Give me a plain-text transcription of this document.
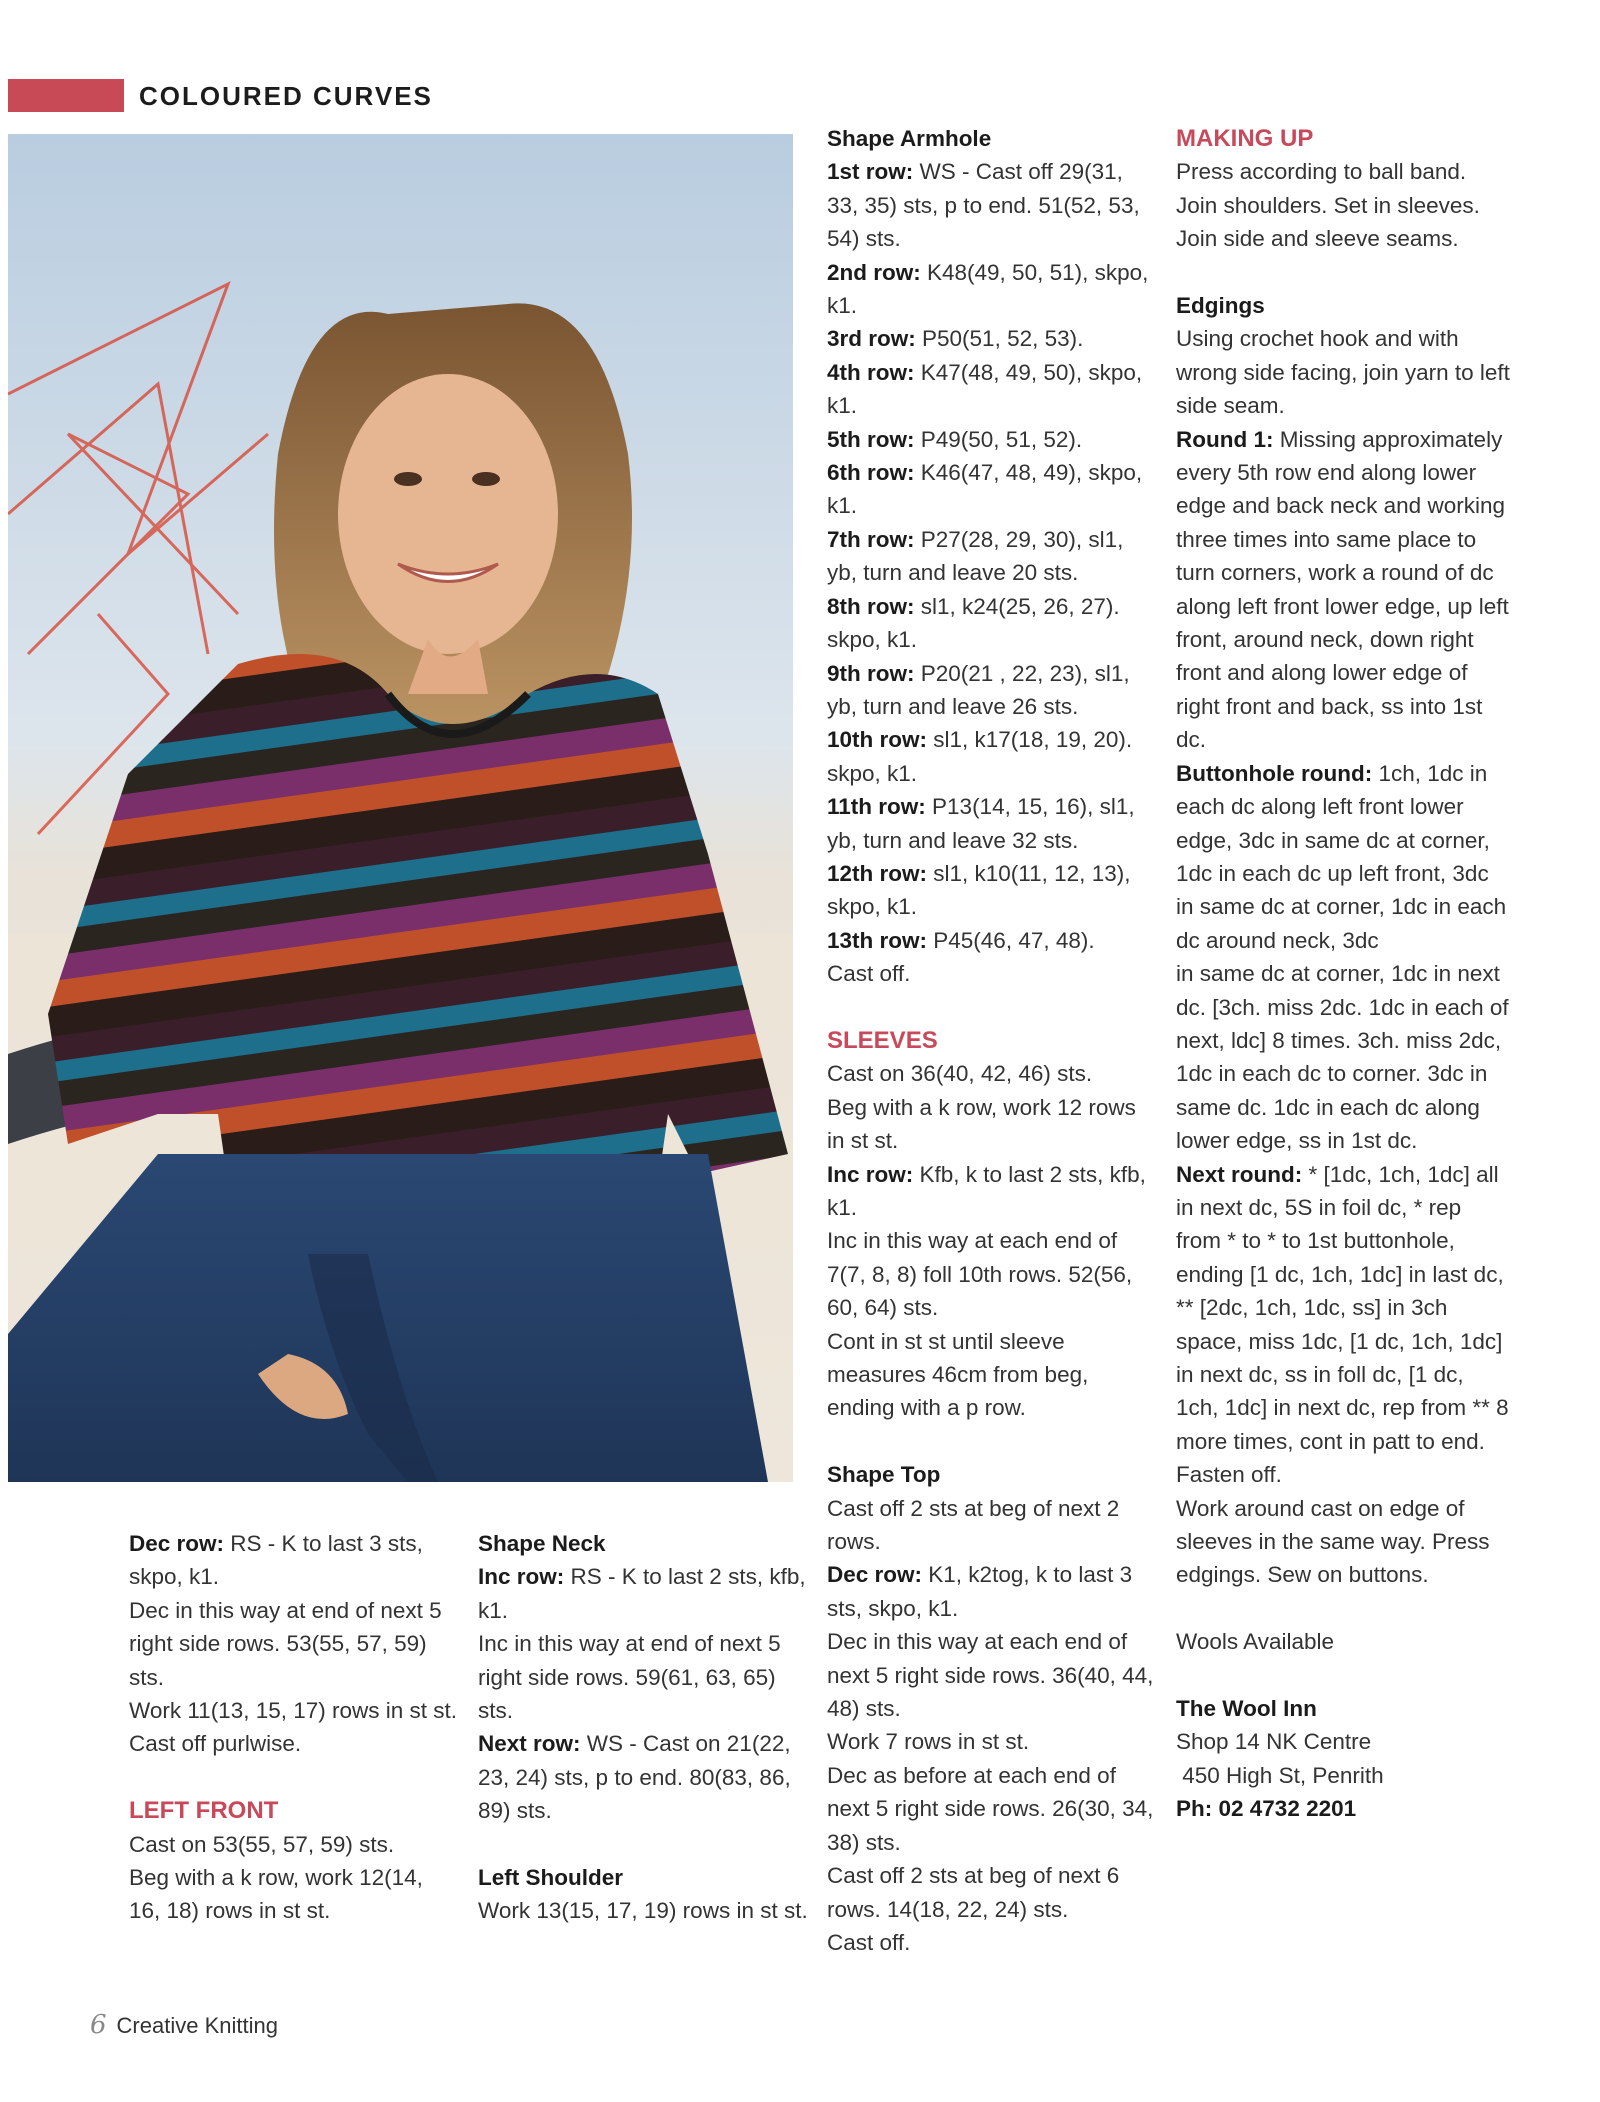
COLOURED CURVES

Dec row: RS - K to last 3 sts, skpo, k1.

Dec in this way at end of next 5 right side rows. 53(55, 57, 59) sts.

Work 11(13, 15, 17) rows in st st.

Cast off purlwise.

LEFT FRONT

Cast on 53(55, 57, 59) sts.

Beg with a k row, work 12(14, 16, 18) rows in st st.

Shape Neck

Inc row: RS - K to last 2 sts, kfb, k1.

Inc in this way at end of next 5 right side rows. 59(61, 63, 65) sts.

Next row: WS - Cast on 21(22, 23, 24) sts, p to end. 80(83, 86, 89) sts.

Left Shoulder

Work 13(15, 17, 19) rows in st st.

Shape Armhole

1st row: WS - Cast off 29(31, 33, 35) sts, p to end. 51(52, 53, 54) sts.

2nd row: K48(49, 50, 51), skpo, k1.

3rd row: P50(51, 52, 53).

4th row: K47(48, 49, 50), skpo, k1.

5th row: P49(50, 51, 52).

6th row: K46(47, 48, 49), skpo, k1.

7th row: P27(28, 29, 30), sl1, yb, turn and leave 20 sts.

8th row: sl1, k24(25, 26, 27). skpo, k1.

9th row: P20(21 , 22, 23), sl1, yb, turn and leave 26 sts.

10th row: sl1, k17(18, 19, 20). skpo, k1.

11th row: P13(14, 15, 16), sl1, yb, turn and leave 32 sts.

12th row: sl1, k10(11, 12, 13), skpo, k1.

13th row: P45(46, 47, 48).

Cast off.

SLEEVES

Cast on 36(40, 42, 46) sts.

Beg with a k row, work 12 rows in st st.

Inc row: Kfb, k to last 2 sts, kfb, k1.

Inc in this way at each end of 7(7, 8, 8) foll 10th rows. 52(56, 60, 64) sts.

Cont in st st until sleeve measures 46cm from beg, ending with a p row.

Shape Top

Cast off 2 sts at beg of next 2 rows.

Dec row: K1, k2tog, k to last 3 sts, skpo, k1.

Dec in this way at each end of next 5 right side rows. 36(40, 44, 48) sts.

Work 7 rows in st st.

Dec as before at each end of next 5 right side rows. 26(30, 34, 38) sts.

Cast off 2 sts at beg of next 6 rows. 14(18, 22, 24) sts.

Cast off.

MAKING UP

Press according to ball band. Join shoulders. Set in sleeves. Join side and sleeve seams.

Edgings

Using crochet hook and with wrong side facing, join yarn to left side seam.

Round 1: Missing approximately every 5th row end along lower edge and back neck and working three times into same place to turn corners, work a round of dc along left front lower edge, up left front, around neck, down right front and along lower edge of right front and back, ss into 1st dc.

Buttonhole round: 1ch, 1dc in each dc along left front lower edge, 3dc in same dc at corner, 1dc in each dc up left front, 3dc in same dc at corner, 1dc in each dc around neck, 3dc

in same dc at corner, 1dc in next dc. [3ch. miss 2dc. 1dc in each of next, ldc] 8 times. 3ch. miss 2dc, 1dc in each dc to corner. 3dc in same dc. 1dc in each dc along lower edge, ss in 1st dc.

Next round: * [1dc, 1ch, 1dc] all in next dc, 5S in foil dc, * rep from * to * to 1st buttonhole, ending [1 dc, 1ch, 1dc] in last dc, ** [2dc, 1ch, 1dc, ss] in 3ch space, miss 1dc, [1 dc, 1ch, 1dc] in next dc, ss in foll dc, [1 dc, 1ch, 1dc] in next dc, rep from ** 8 more times, cont in patt to end.

Fasten off.

Work around cast on edge of sleeves in the same way. Press edgings. Sew on buttons.

Wools Available

The Wool Inn

Shop 14 NK Centre

450 High St, Penrith

Ph: 02 4732 2201

6 Creative Knitting
